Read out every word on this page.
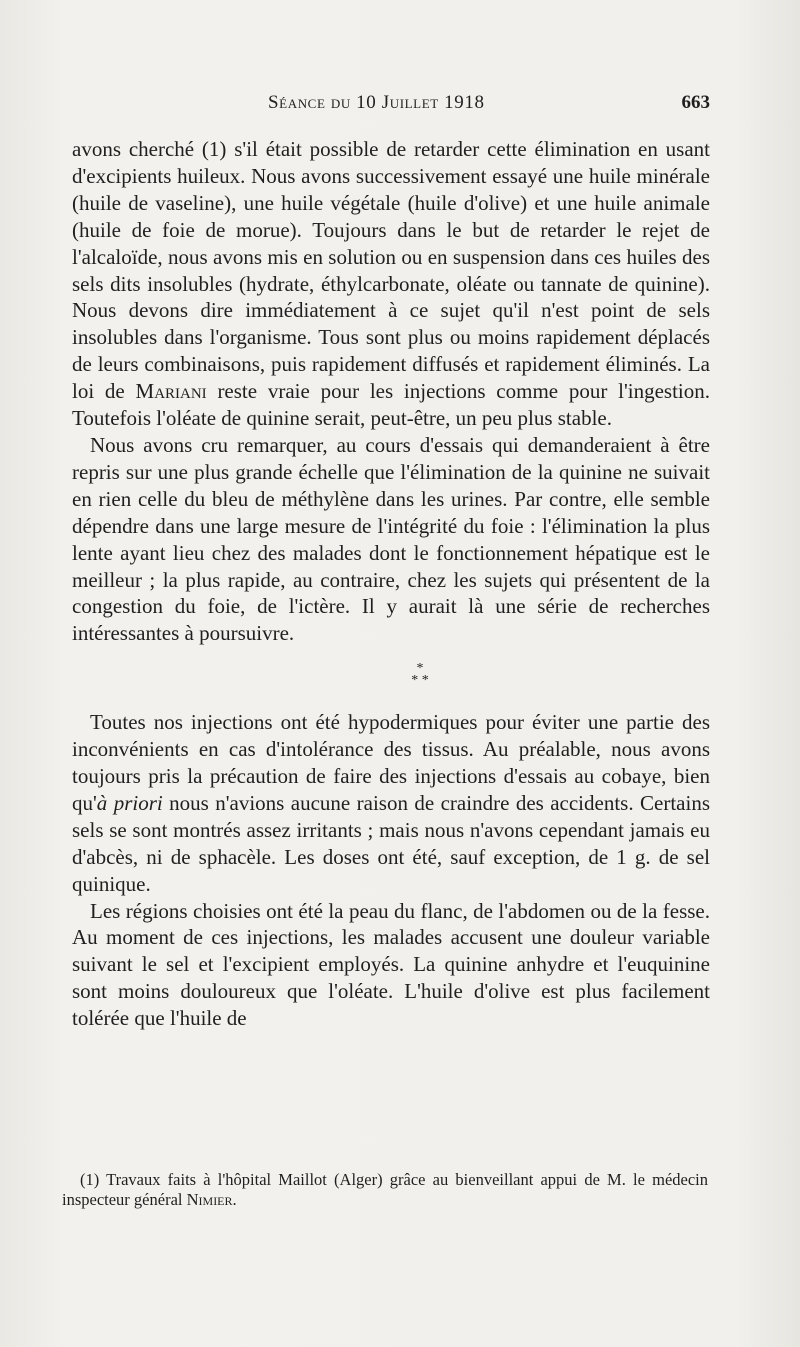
Séance du 10 Juillet 1918	663

avons cherché (1) s'il était possible de retarder cette élimination en usant d'excipients huileux. Nous avons successivement essayé une huile minérale (huile de vaseline), une huile végétale (huile d'olive) et une huile animale (huile de foie de morue). Toujours dans le but de retarder le rejet de l'alcaloïde, nous avons mis en solution ou en suspension dans ces huiles des sels dits insolubles (hydrate, éthylcarbonate, oléate ou tannate de quinine). Nous devons dire immédiatement à ce sujet qu'il n'est point de sels insolubles dans l'organisme. Tous sont plus ou moins rapidement déplacés de leurs combinaisons, puis rapidement diffusés et rapidement éliminés. La loi de Mariani reste vraie pour les injections comme pour l'ingestion. Toutefois l'oléate de quinine serait, peut-être, un peu plus stable.

Nous avons cru remarquer, au cours d'essais qui demanderaient à être repris sur une plus grande échelle que l'élimination de la quinine ne suivait en rien celle du bleu de méthylène dans les urines. Par contre, elle semble dépendre dans une large mesure de l'intégrité du foie : l'élimination la plus lente ayant lieu chez des malades dont le fonctionnement hépatique est le meilleur ; la plus rapide, au contraire, chez les sujets qui présentent de la congestion du foie, de l'ictère. Il y aurait là une série de recherches intéressantes à poursuivre.

*
* *

Toutes nos injections ont été hypodermiques pour éviter une partie des inconvénients en cas d'intolérance des tissus. Au préalable, nous avons toujours pris la précaution de faire des injections d'essais au cobaye, bien qu'à priori nous n'avions aucune raison de craindre des accidents. Certains sels se sont montrés assez irritants ; mais nous n'avons cependant jamais eu d'abcès, ni de sphacèle. Les doses ont été, sauf exception, de 1 g. de sel quinique.

Les régions choisies ont été la peau du flanc, de l'abdomen ou de la fesse. Au moment de ces injections, les malades accusent une douleur variable suivant le sel et l'excipient employés. La quinine anhydre et l'euquinine sont moins douloureux que l'oléate. L'huile d'olive est plus facilement tolérée que l'huile de

(1) Travaux faits à l'hôpital Maillot (Alger) grâce au bienveillant appui de M. le médecin inspecteur général Nimier.
